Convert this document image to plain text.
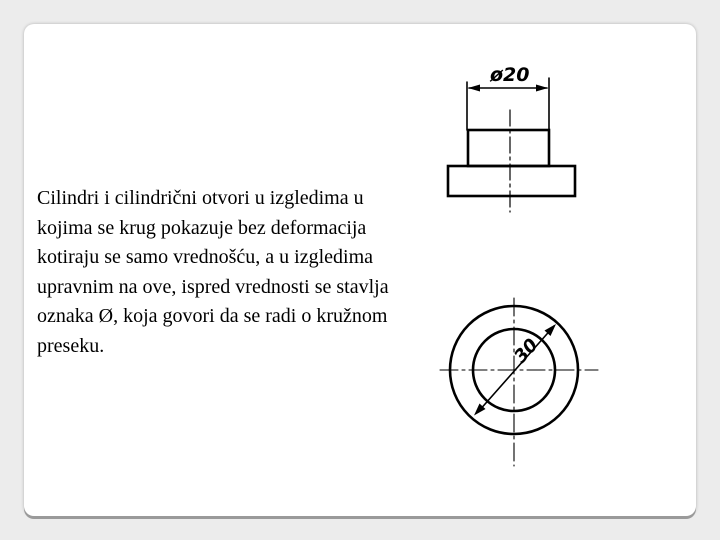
Cilindri i cilindrični otvori u izgledima u kojima se krug pokazuje bez deformacija kotiraju se samo vrednošću, a u izgledima upravnim na ove, ispred vrednosti se stavlja oznaka Ø, koja govori da se radi o kružnom preseku.

ø20
30
